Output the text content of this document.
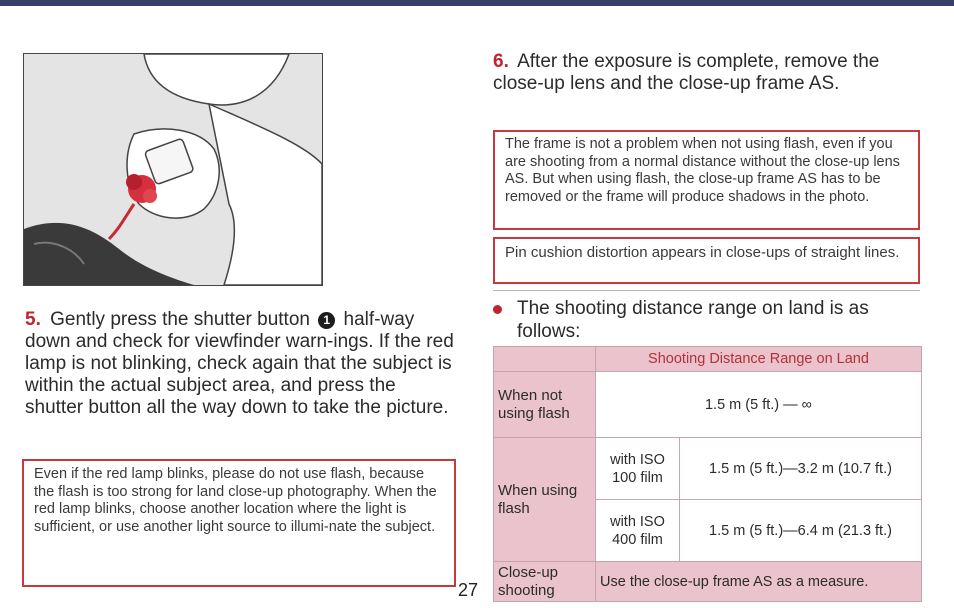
5. Gently press the shutter button 1 half-way down and check for viewfinder warn-ings. If the red lamp is not blinking, check again that the subject is within the actual subject area, and press the shutter button all the way down to take the picture.
Even if the red lamp blinks, please do not use flash, because the flash is too strong for land close-up photography. When the red lamp blinks, choose another location where the light is sufficient, or use another light source to illumi-nate the subject.
6. After the exposure is complete, remove the close-up lens and the close-up frame AS.
The frame is not a problem when not using flash, even if you are shooting from a normal distance without the close-up lens AS. But when using flash, the close-up frame AS has to be removed or the frame will produce shadows in the photo.
Pin cushion distortion appears in close-ups of straight lines.
The shooting distance range on land is as follows:
	Shooting Distance Range on Land	
When not using flash	1.5 m (5 ft.) — ∞	
When using flash	with ISO 100 film	1.5 m (5 ft.)—3.2 m (10.7 ft.)
	with ISO 400 film	1.5 m (5 ft.)—6.4 m (21.3 ft.)
Close-up shooting	Use the close-up frame AS as a measure.	
27
